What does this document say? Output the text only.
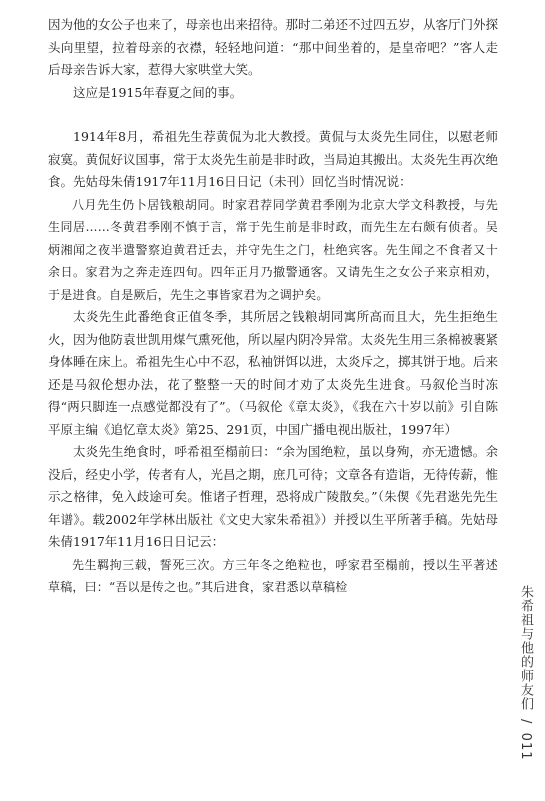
因为他的女公子也来了，母亲也出来招待。那时二弟还不过四五岁，从客厅门外探头向里望，拉着母亲的衣襟，轻轻地问道：“那中间坐着的，是皇帝吧？”客人走后母亲告诉大家，惹得大家哄堂大笑。

这应是1915年春夏之间的事。

1914年8月，希祖先生荐黄侃为北大教授。黄侃与太炎先生同住，以慰老师寂寞。黄侃好议国事，常于太炎先生前是非时政，当局迫其搬出。太炎先生再次绝食。先姑母朱倩1917年11月16日日记（未刊）回忆当时情况说：

八月先生仍卜居钱粮胡同。时家君荐同学黄君季刚为北京大学文科教授，与先生同居……冬黄君季刚不慎于言，常于先生前是非时政，而先生左右颇有侦者。吴炳湘闻之夜半遣警察迫黄君迁去，并守先生之门，杜绝宾客。先生闻之不食者又十余日。家君为之奔走连四旬。四年正月乃撤警通客。又请先生之女公子来京相劝，于是进食。自是厥后，先生之事皆家君为之调护矣。

太炎先生此番绝食正值冬季，其所居之钱粮胡同寓所高而且大，先生拒绝生火，因为他防袁世凯用煤气熏死他，所以屋内阴冷异常。太炎先生用三条棉被裹紧身体睡在床上。希祖先生心中不忍，私袖饼饵以进，太炎斥之，掷其饼于地。后来还是马叙伦想办法，花了整整一天的时间才劝了太炎先生进食。马叙伦当时冻得“两只脚连一点感觉都没有了”。（马叙伦《章太炎》，《我在六十岁以前》引自陈平原主编《追忆章太炎》第25、291页，中国广播电视出版社，1997年）

太炎先生绝食时，呼希祖至榻前曰：“余为国绝粒，虽以身殉，亦无遗憾。余没后，经史小学，传者有人，光昌之期，庶几可待；文章各有造诣，无待传薪，惟示之格律，免入歧途可矣。惟诸子哲理，恐将成广陵散矣。”（朱偰《先君逖先先生年谱》。载2002年学林出版社《文史大家朱希祖》）并授以生平所著手稿。先姑母朱倩1917年11月16日日记云：

先生羁拘三载，誓死三次。方三年冬之绝粒也，呼家君至榻前，授以生平著述草稿，曰：“吾以是传之也。”其后进食，家君悉以草稿检	朱希祖与他的师友们 / 011
